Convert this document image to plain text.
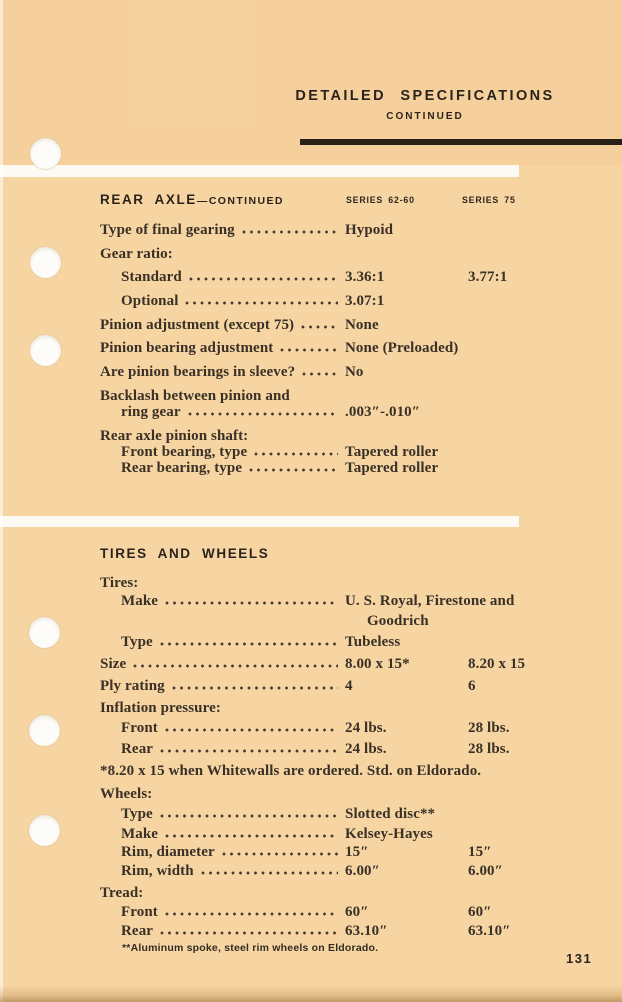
DETAILED SPECIFICATIONS
CONTINUED
REAR AXLE—CONTINUED	SERIES 62-60	SERIES 75
Type of final gearing	Hypoid
Gear ratio:
Standard	3.36:1	3.77:1
Optional	3.07:1
Pinion adjustment (except 75)	None
Pinion bearing adjustment	None (Preloaded)
Are pinion bearings in sleeve?	No
Backlash between pinion and
ring gear	.003″-.010″
Rear axle pinion shaft:
Front bearing, type	Tapered roller
Rear bearing, type	Tapered roller
TIRES AND WHEELS
Tires:
Make	U. S. Royal, Firestone and
Goodrich
Type	Tubeless
Size	8.00 x 15*	8.20 x 15
Ply rating	4	6
Inflation pressure:
Front	24 lbs.	28 lbs.
Rear	24 lbs.	28 lbs.
*8.20 x 15 when Whitewalls are ordered. Std. on Eldorado.
Wheels:
Type	Slotted disc**
Make	Kelsey-Hayes
Rim, diameter	15″	15″
Rim, width	6.00″	6.00″
Tread:
Front	60″	60″
Rear	63.10″	63.10″
**Aluminum spoke, steel rim wheels on Eldorado.
131
